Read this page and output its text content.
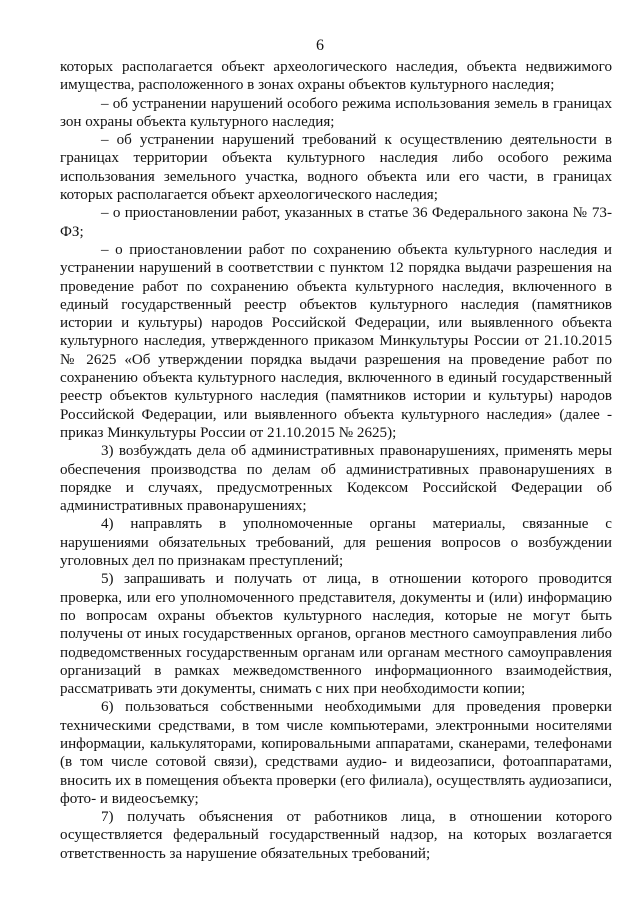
6

которых располагается объект археологического наследия, объекта недвижимого имущества, расположенного в зонах охраны объектов культурного наследия;

– об устранении нарушений особого режима использования земель в границах зон охраны объекта культурного наследия;

– об устранении нарушений требований к осуществлению деятельности в границах территории объекта культурного наследия либо особого режима использования земельного участка, водного объекта или его части, в границах которых располагается объект археологического наследия;

– о приостановлении работ, указанных в статье 36 Федерального закона № 73-ФЗ;

– о приостановлении работ по сохранению объекта культурного наследия и устранении нарушений в соответствии с пунктом 12 порядка выдачи разрешения на проведение работ по сохранению объекта культурного наследия, включенного в единый государственный реестр объектов культурного наследия (памятников истории и культуры) народов Российской Федерации, или выявленного объекта культурного наследия, утвержденного приказом Минкультуры России от 21.10.2015 № 2625 «Об утверждении порядка выдачи разрешения на проведение работ по сохранению объекта культурного наследия, включенного в единый государственный реестр объектов культурного наследия (памятников истории и культуры) народов Российской Федерации, или выявленного объекта культурного наследия» (далее - приказ Минкультуры России от 21.10.2015 № 2625);

3) возбуждать дела об административных правонарушениях, применять меры обеспечения производства по делам об административных правонарушениях в порядке и случаях, предусмотренных Кодексом Российской Федерации об административных правонарушениях;

4) направлять в уполномоченные органы материалы, связанные с нарушениями обязательных требований, для решения вопросов о возбуждении уголовных дел по признакам преступлений;

5) запрашивать и получать от лица, в отношении которого проводится проверка, или его уполномоченного представителя, документы и (или) информацию по вопросам охраны объектов культурного наследия, которые не могут быть получены от иных государственных органов, органов местного самоуправления либо подведомственных государственным органам или органам местного самоуправления организаций в рамках межведомственного информационного взаимодействия, рассматривать эти документы, снимать с них при необходимости копии;

6) пользоваться собственными необходимыми для проведения проверки техническими средствами, в том числе компьютерами, электронными носителями информации, калькуляторами, копировальными аппаратами, сканерами, телефонами (в том числе сотовой связи), средствами аудио- и видеозаписи, фотоаппаратами, вносить их в помещения объекта проверки (его филиала), осуществлять аудиозаписи, фото- и видеосъемку;

7) получать объяснения от работников лица, в отношении которого осуществляется федеральный государственный надзор, на которых возлагается ответственность за нарушение обязательных требований;
